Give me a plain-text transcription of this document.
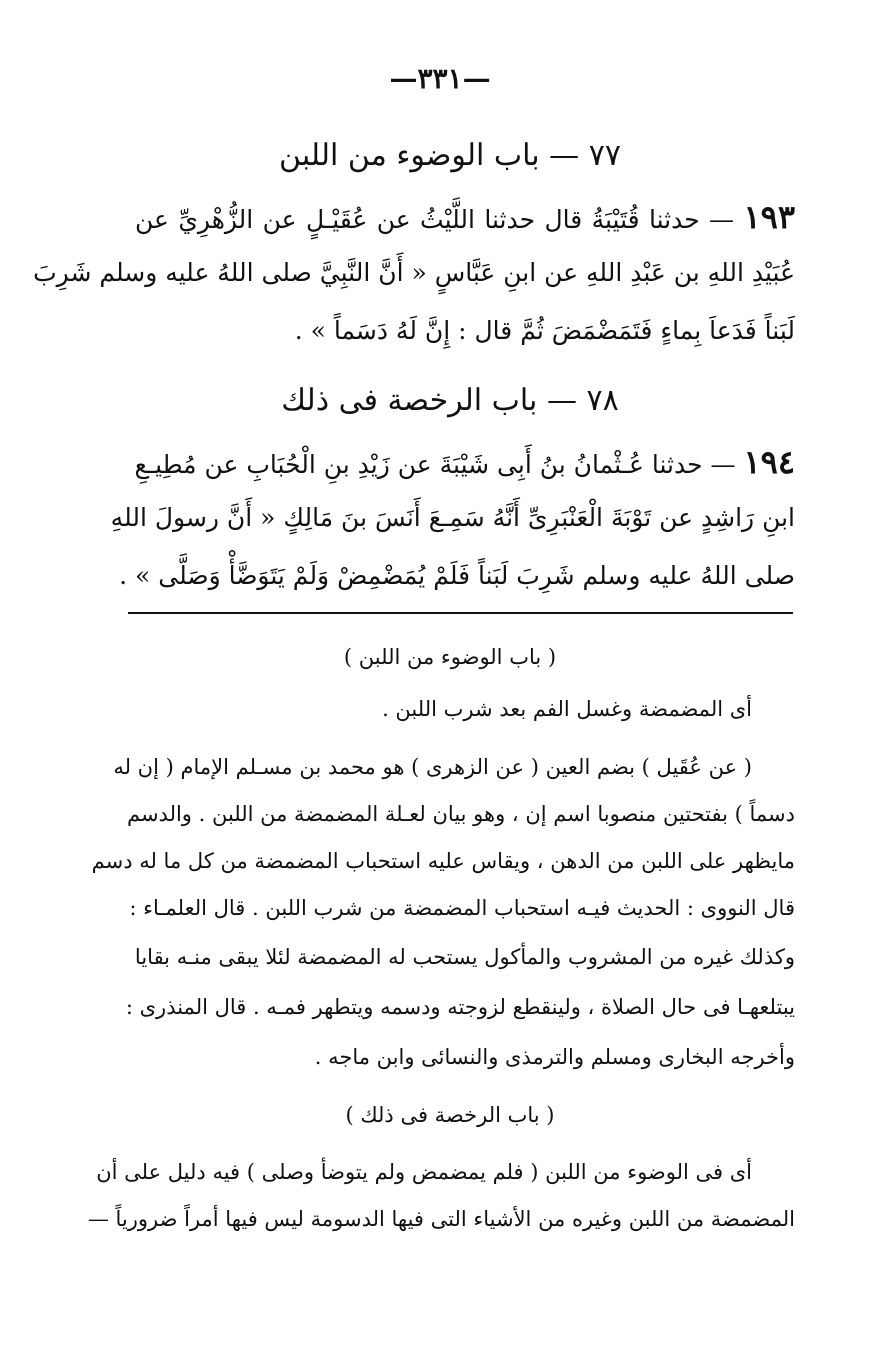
—٣٣١—
٧٧ — باب الوضوء من اللبن
١٩٣ — حدثنا قُتَيْبَةُ قال حدثنا اللَّيْثُ عن عُقَيْـلٍ عن الزُّهْرِيِّ عن
عُبَيْدِ اللهِ بن عَبْدِ اللهِ عن ابنِ عَبَّاسٍ « أَنَّ النَّبِيَّ صلى اللهُ عليه وسلم شَرِبَ
لَبَناً فَدَعاَ بِماءٍ فَتَمَضْمَضَ ثُمَّ قال : إِنَّ لَهُ دَسَماً » .
٧٨ — باب الرخصة فى ذلك
١٩٤ — حدثنا عُـثْمانُ بنُ أَبِى شَيْبَةَ عن زَيْدِ بنِ الْحُبَابِ عن مُطِيـعِ
ابنِ رَاشِدٍ عن تَوْبَةَ الْعَنْبَرِىِّ أَنَّهُ سَمِـعَ أَنَسَ بنَ مَالِكٍ « أَنَّ رسولَ اللهِ
صلى اللهُ عليه وسلم شَرِبَ لَبَناً فَلَمْ يُمَضْمِضْ وَلَمْ يَتَوَضَّأْ وَصَلَّى » .
( باب الوضوء من اللبن )
أى المضمضة وغسل الفم بعد شرب اللبن .
( عن عُقَيل ) بضم العين ( عن الزهرى ) هو محمد بن مسـلم الإمام ( إن له
دسماً ) بفتحتين منصوبا اسم إن ، وهو بيان لعـلة المضمضة من اللبن . والدسم
مايظهر على اللبن من الدهن ، ويقاس عليه استحباب المضمضة من كل ما له دسم
قال النووى : الحديث فيـه استحباب المضمضة من شرب اللبن . قال العلمـاء :
وكذلك غيره من المشروب والمأكول يستحب له المضمضة لئلا يبقى منـه بقايا
يبتلعهـا فى حال الصلاة ، ولينقطع لزوجته ودسمه ويتطهر فمـه . قال المنذرى :
وأخرجه البخارى ومسلم والترمذى والنسائى وابن ماجه .
( باب الرخصة فى ذلك )
أى فى الوضوء من اللبن ( فلم يمضمض ولم يتوضأ وصلى ) فيه دليل على أن
المضمضة من اللبن وغيره من الأشياء التى فيها الدسومة ليس فيها أمراً ضرورياً —
